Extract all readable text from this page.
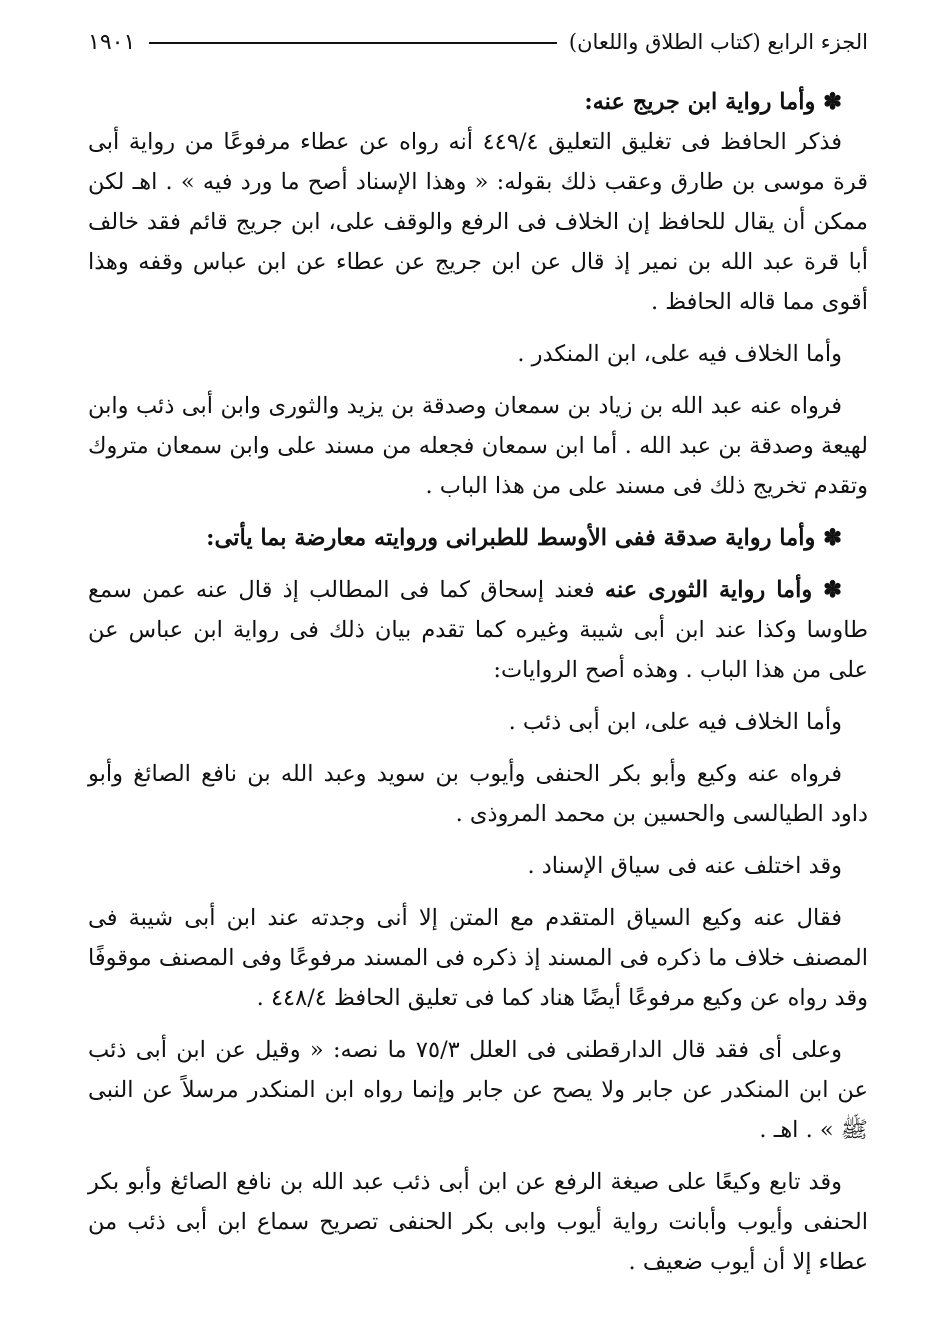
الجزء الرابع (كتاب الطلاق واللعان)
١٩٠١

✽ وأما رواية ابن جريج عنه:

فذكر الحافظ فى تغليق التعليق ٤٤٩/٤ أنه رواه عن عطاء مرفوعًا من رواية أبى قرة موسى بن طارق وعقب ذلك بقوله: « وهذا الإسناد أصح ما ورد فيه » . اهـ لكن ممكن أن يقال للحافظ إن الخلاف فى الرفع والوقف على، ابن جريج قائم فقد خالف أبا قرة عبد الله بن نمير إذ قال عن ابن جريج عن عطاء عن ابن عباس وقفه وهذا أقوى مما قاله الحافظ .

وأما الخلاف فيه على، ابن المنكدر .

فرواه عنه عبد الله بن زياد بن سمعان وصدقة بن يزيد والثورى وابن أبى ذئب وابن لهيعة وصدقة بن عبد الله . أما ابن سمعان فجعله من مسند على وابن سمعان متروك وتقدم تخريج ذلك فى مسند على من هذا الباب .

✽ وأما رواية صدقة ففى الأوسط للطبرانى وروايته معارضة بما يأتى:

✽ وأما رواية الثورى عنه فعند إسحاق كما فى المطالب إذ قال عنه عمن سمع طاوسا وكذا عند ابن أبى شيبة وغيره كما تقدم بيان ذلك فى رواية ابن عباس عن على من هذا الباب . وهذه أصح الروايات:

وأما الخلاف فيه على، ابن أبى ذئب .

فرواه عنه وكيع وأبو بكر الحنفى وأيوب بن سويد وعبد الله بن نافع الصائغ وأبو داود الطيالسى والحسين بن محمد المروذى .

وقد اختلف عنه فى سياق الإسناد .

فقال عنه وكيع السياق المتقدم مع المتن إلا أنى وجدته عند ابن أبى شيبة فى المصنف خلاف ما ذكره فى المسند إذ ذكره فى المسند مرفوعًا وفى المصنف موقوفًا وقد رواه عن وكيع مرفوعًا أيضًا هناد كما فى تعليق الحافظ ٤٤٨/٤ .

وعلى أى فقد قال الدارقطنى فى العلل ٧٥/٣ ما نصه: « وقيل عن ابن أبى ذئب عن ابن المنكدر عن جابر ولا يصح عن جابر وإنما رواه ابن المنكدر مرسلاً عن النبى ﷺ » . اهـ .

وقد تابع وكيعًا على صيغة الرفع عن ابن أبى ذئب عبد الله بن نافع الصائغ وأبو بكر الحنفى وأيوب وأبانت رواية أيوب وابى بكر الحنفى تصريح سماع ابن أبى ذئب من عطاء إلا أن أيوب ضعيف .
